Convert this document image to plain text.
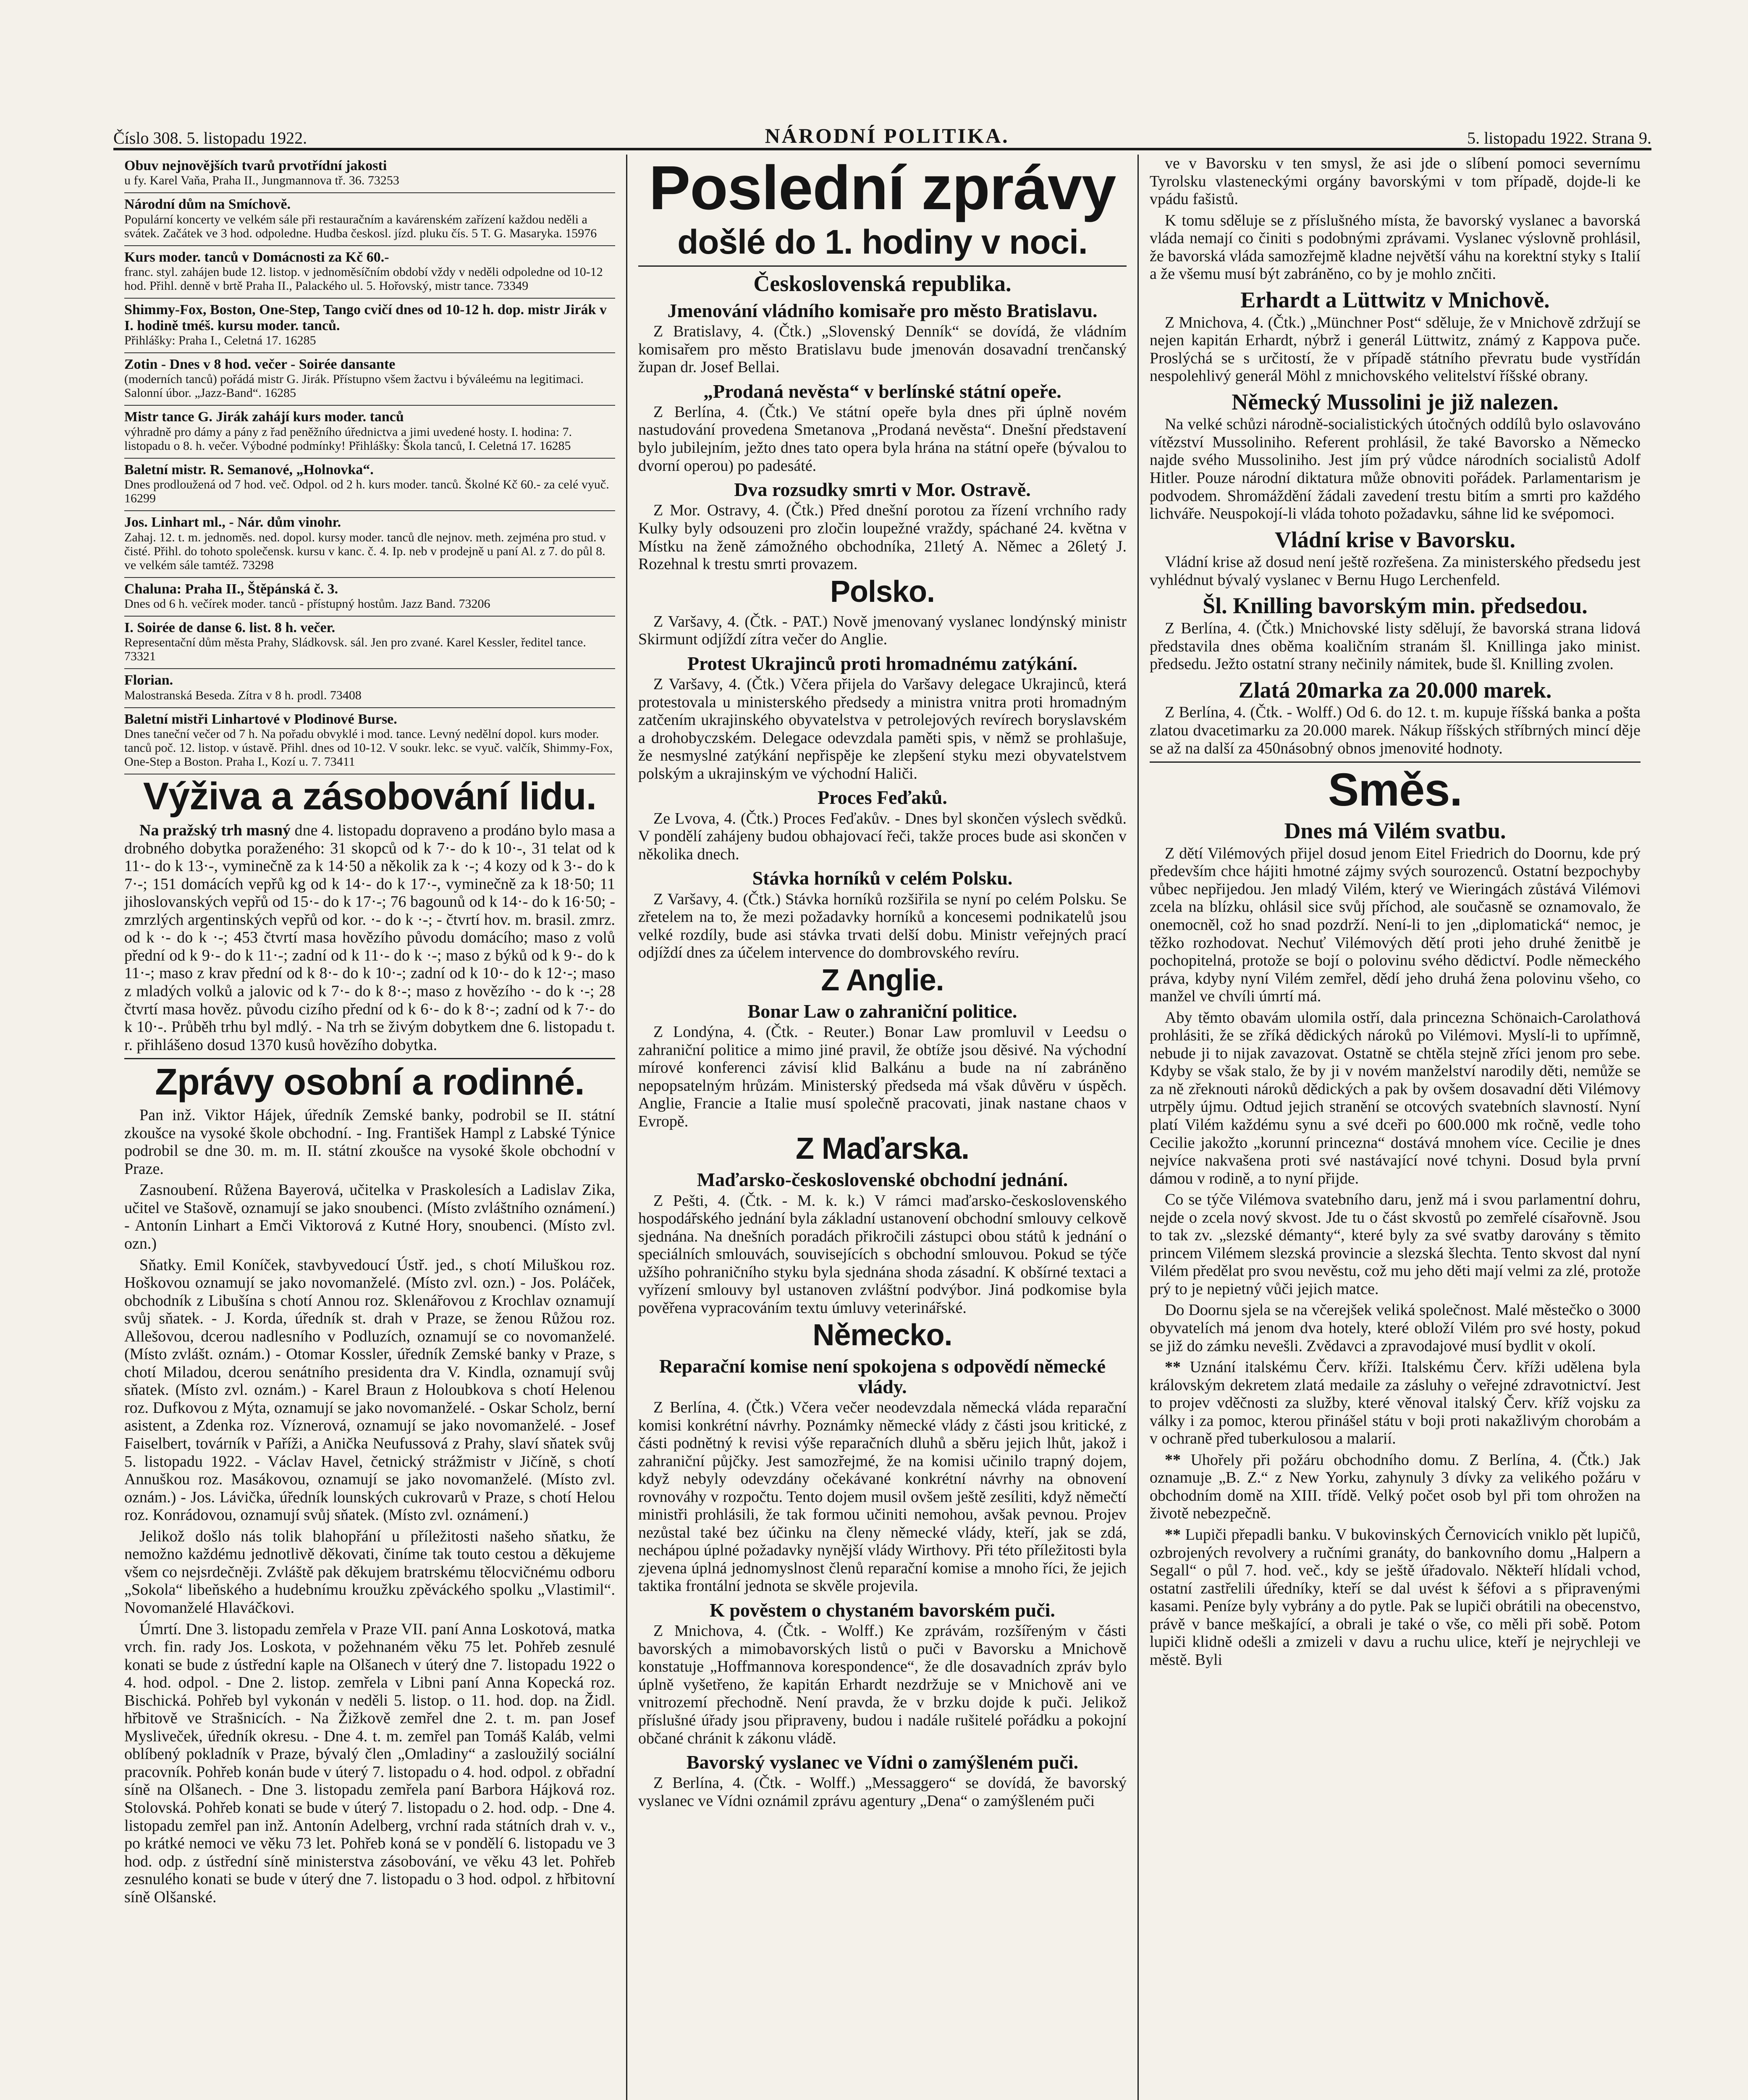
Číslo 308. 5. listopadu 1922.	NÁRODNÍ POLITIKA.	5. listopadu 1922. Strana 9.
Obuv nejnovějších tvarů prvotřídní jakosti
u fy. Karel Vaňa, Praha II., Jungmannova tř. 36. 73253
Národní dům na Smíchově.
Populární koncerty ve velkém sále při restauračním a kavárenském zařízení každou neděli a svátek. Začátek ve 3 hod. odpoledne. Hudba českosl. jízd. pluku čís. 5 T. G. Masaryka. 15976
Kurs moder. tanců v Domácnosti za Kč 60.-
franc. styl. zahájen bude 12. listop. v jednoměsíčním období vždy v neděli odpoledne od 10-12 hod. Přihl. denně v brtě Praha II., Palackého ul. 5. Hořovský, mistr tance. 73349
Shimmy-Fox, Boston, One-Step, Tango cvičí dnes od 10-12 h. dop. mistr Jirák v I. hodině tméš. kursu moder. tanců.
Přihlášky: Praha I., Celetná 17. 16285
Zotin - Dnes v 8 hod. večer - Soirée dansante
(moderních tanců) pořádá mistr G. Jirák. Přístupno všem žactvu i býváleému na legitimaci. Salonní úbor. „Jazz-Band“. 16285
Mistr tance G. Jirák zahájí kurs moder. tanců
výhradně pro dámy a pány z řad peněžního úřednictva a jimi uvedené hosty. I. hodina: 7. listopadu o 8. h. večer. Výbodné podmínky! Přihlášky: Škola tanců, I. Celetná 17. 16285
Baletní mistr. R. Semanové, „Holnovka“.
Dnes prodloužená od 7 hod. več. Odpol. od 2 h. kurs moder. tanců. Školné Kč 60.- za celé vyuč. 16299
Jos. Linhart ml., - Nár. dům vinohr.
Zahaj. 12. t. m. jednoměs. ned. dopol. kursy moder. tanců dle nejnov. meth. zejména pro stud. v čisté. Přihl. do tohoto společensk. kursu v kanc. č. 4. Ip. neb v prodejně u paní Al. z 7. do půl 8. ve velkém sále tamtéž. 73298
Chaluna: Praha II., Štěpánská č. 3.
Dnes od 6 h. večírek moder. tanců - přístupný hostům. Jazz Band. 73206
I. Soirée de danse 6. list. 8 h. večer.
Representační dům města Prahy, Sládkovsk. sál. Jen pro zvané. Karel Kessler, ředitel tance. 73321
Florian.
Malostranská Beseda. Zítra v 8 h. prodl. 73408
Baletní mistři Linhartové v Plodinové Burse.
Dnes taneční večer od 7 h. Na pořadu obvyklé i mod. tance. Levný nedělní dopol. kurs moder. tanců poč. 12. listop. v ústavě. Přihl. dnes od 10-12. V soukr. lekc. se vyuč. valčík, Shimmy-Fox, One-Step a Boston. Praha I., Kozí u. 7. 73411
Výživa a zásobování lidu.

Na pražský trh masný dne 4. listopadu dopraveno a prodáno bylo masa a drobného dobytka poraženého: 31 skopců od k 7·- do k 10·-, 31 telat od k 11·- do k 13·-, vyminečně za k 14·50 a několik za k ·-; 4 kozy od k 3·- do k 7·-; 151 domácích vepřů kg od k 14·- do k 17·-, vyminečně za k 18·50; 11 jihoslovanských vepřů od 15·- do k 17·-; 76 bagounů od k 14·- do k 16·50; - zmrzlých argentinských vepřů od kor. ·- do k ·-; - čtvrtí hov. m. brasil. zmrz. od k ·- do k ·-; 453 čtvrtí masa hovězího původu domácího; maso z volů přední od k 9·- do k 11·-; zadní od k 11·- do k ·-; maso z býků od k 9·- do k 11·-; maso z krav přední od k 8·- do k 10·-; zadní od k 10·- do k 12·-; maso z mladých volků a jalovic od k 7·- do k 8·-; maso z hovězího ·- do k ·-; 28 čtvrtí masa hověz. původu cizího přední od k 6·- do k 8·-; zadní od k 7·- do k 10·-. Průběh trhu byl mdlý. - Na trh se živým dobytkem dne 6. listopadu t. r. přihlášeno dosud 1370 kusů hovězího dobytka.

Zprávy osobní a rodinné.

Pan inž. Viktor Hájek, úředník Zemské banky, podrobil se II. státní zkoušce na vysoké škole obchodní. - Ing. František Hampl z Labské Týnice podrobil se dne 30. m. m. II. státní zkoušce na vysoké škole obchodní v Praze.

Zasnoubení. Růžena Bayerová, učitelka v Praskolesích a Ladislav Zika, učitel ve Stašově, oznamují se jako snoubenci. (Místo zvláštního oznámení.) - Antonín Linhart a Emči Viktorová z Kutné Hory, snoubenci. (Místo zvl. ozn.)

Sňatky. Emil Koníček, stavbyvedoucí Ústř. jed., s chotí Miluškou roz. Hoškovou oznamují se jako novomanželé. (Místo zvl. ozn.) - Jos. Poláček, obchodník z Libušína s chotí Annou roz. Sklenářovou z Krochlav oznamují svůj sňatek. - J. Korda, úředník st. drah v Praze, se ženou Růžou roz. Allešovou, dcerou nadlesního v Podluzích, oznamují se co novomanželé. (Místo zvlášt. oznám.) - Otomar Kossler, úředník Zemské banky v Praze, s chotí Miladou, dcerou senátního presidenta dra V. Kindla, oznamují svůj sňatek. (Místo zvl. oznám.) - Karel Braun z Holoubkova s chotí Helenou roz. Dufkovou z Mýta, oznamují se jako novomanželé. - Oskar Scholz, berní asistent, a Zdenka roz. Víznerová, oznamují se jako novomanželé. - Josef Faiselbert, továrník v Paříži, a Anička Neufussová z Prahy, slaví sňatek svůj 5. listopadu 1922. - Václav Havel, četnický strážmistr v Jičíně, s chotí Annuškou roz. Masákovou, oznamují se jako novomanželé. (Místo zvl. oznám.) - Jos. Lávička, úředník lounských cukrovarů v Praze, s chotí Helou roz. Konrádovou, oznamují svůj sňatek. (Místo zvl. oznámení.)

Jelikož došlo nás tolik blahopřání u příležitosti našeho sňatku, že nemožno každému jednotlivě děkovati, činíme tak touto cestou a děkujeme všem co nejsrdečněji. Zvláště pak děkujem bratrskému tělocvičnému odboru „Sokola“ libeňského a hudebnímu kroužku zpěváckého spolku „Vlastimil“. Novomanželé Hlaváčkovi.

Úmrtí. Dne 3. listopadu zemřela v Praze VII. paní Anna Loskotová, matka vrch. fin. rady Jos. Loskota, v požehnaném věku 75 let. Pohřeb zesnulé konati se bude z ústřední kaple na Olšanech v úterý dne 7. listopadu 1922 o 4. hod. odpol. - Dne 2. listop. zemřela v Libni paní Anna Kopecká roz. Bischická. Pohřeb byl vykonán v neděli 5. listop. o 11. hod. dop. na Židl. hřbitově ve Strašnicích. - Na Žižkově zemřel dne 2. t. m. pan Josef Mysliveček, úředník okresu. - Dne 4. t. m. zemřel pan Tomáš Kaláb, velmi oblíbený pokladník v Praze, bývalý člen „Omladiny“ a zasloužilý sociální pracovník. Pohřeb konán bude v úterý 7. listopadu o 4. hod. odpol. z obřadní síně na Olšanech. - Dne 3. listopadu zemřela paní Barbora Hájková roz. Stolovská. Pohřeb konati se bude v úterý 7. listopadu o 2. hod. odp. - Dne 4. listopadu zemřel pan inž. Antonín Adelberg, vrchní rada státních drah v. v., po krátké nemoci ve věku 73 let. Pohřeb koná se v pondělí 6. listopadu ve 3 hod. odp. z ústřední síně ministerstva zásobování, ve věku 43 let. Pohřeb zesnulého konati se bude v úterý dne 7. listopadu o 3 hod. odpol. z hřbitovní síně Olšanské.

Poslední zprávy
došlé do 1. hodiny v noci.
Československá republika.
Jmenování vládního komisaře pro město Bratislavu.

Z Bratislavy, 4. (Čtk.) „Slovenský Denník“ se dovídá, že vládním komisařem pro město Bratislavu bude jmenován dosavadní trenčanský župan dr. Josef Bellai.

„Prodaná nevěsta“ v berlínské státní opeře.

Z Berlína, 4. (Čtk.) Ve státní opeře byla dnes při úplně novém nastudování provedena Smetanova „Prodaná nevěsta“. Dnešní představení bylo jubilejním, ježto dnes tato opera byla hrána na státní opeře (bývalou to dvorní operou) po padesáté.

Dva rozsudky smrti v Mor. Ostravě.

Z Mor. Ostravy, 4. (Čtk.) Před dnešní porotou za řízení vrchního rady Kulky byly odsouzeni pro zločin loupežné vraždy, spáchané 24. května v Místku na ženě zámožného obchodníka, 21letý A. Němec a 26letý J. Rozehnal k trestu smrti provazem.

Polsko.

Z Varšavy, 4. (Čtk. - PAT.) Nově jmenovaný vyslanec londýnský ministr Skirmunt odjíždí zítra večer do Anglie.

Protest Ukrajinců proti hromadnému zatýkání.

Z Varšavy, 4. (Čtk.) Včera přijela do Varšavy delegace Ukrajinců, která protestovala u ministerského předsedy a ministra vnitra proti hromadným zatčením ukrajinského obyvatelstva v petrolejových revírech boryslavském a drohobyczském. Delegace odevzdala paměti spis, v němž se prohlašuje, že nesmyslné zatýkání nepřispěje ke zlepšení styku mezi obyvatelstvem polským a ukrajinským ve východní Haliči.

Proces Feďaků.

Ze Lvova, 4. (Čtk.) Proces Feďakův. - Dnes byl skončen výslech svědků. V pondělí zahájeny budou obhajovací řeči, takže proces bude asi skončen v několika dnech.

Stávka horníků v celém Polsku.

Z Varšavy, 4. (Čtk.) Stávka horníků rozšiřila se nyní po celém Polsku. Se zřetelem na to, že mezi požadavky horníků a koncesemi podnikatelů jsou velké rozdíly, bude asi stávka trvati delší dobu. Ministr veřejných prací odjíždí dnes za účelem intervence do dombrovského revíru.

Z Anglie.
Bonar Law o zahraniční politice.

Z Londýna, 4. (Čtk. - Reuter.) Bonar Law promluvil v Leedsu o zahraniční politice a mimo jiné pravil, že obtíže jsou děsivé. Na východní mírové konferenci závisí klid Balkánu a bude na ní zabráněno nepopsatelným hrůzám. Ministerský předseda má však důvěru v úspěch. Anglie, Francie a Italie musí společně pracovati, jinak nastane chaos v Evropě.

Z Maďarska.
Maďarsko-československé obchodní jednání.

Z Pešti, 4. (Čtk. - M. k. k.) V rámci maďarsko-československého hospodářského jednání byla základní ustanovení obchodní smlouvy celkově sjednána. Na dnešních poradách přikročili zástupci obou států k jednání o speciálních smlouvách, souvisejících s obchodní smlouvou. Pokud se týče užšího pohraničního styku byla sjednána shoda zásadní. K obšírné textaci a vyřízení smlouvy byl ustanoven zvláštní podvýbor. Jiná podkomise byla pověřena vypracováním textu úmluvy veterinářské.

Německo.
Reparační komise není spokojena s odpovědí německé vlády.

Z Berlína, 4. (Čtk.) Včera večer neodevzdala německá vláda reparační komisi konkrétní návrhy. Poznámky německé vlády z části jsou kritické, z části podnětný k revisi výše reparačních dluhů a sběru jejich lhůt, jakož i zahraniční půjčky. Jest samozřejmé, že na komisi učinilo trapný dojem, když nebyly odevzdány očekávané konkrétní návrhy na obnovení rovnováhy v rozpočtu. Tento dojem musil ovšem ještě zesíliti, když němečtí ministři prohlásili, že tak formou učiniti nemohou, avšak pevnou. Projev nezůstal také bez účinku na členy německé vlády, kteří, jak se zdá, nechápou úplné požadavky nynější vlády Wirthovy. Při této příležitosti byla zjevena úplná jednomyslnost členů reparační komise a mnoho říci, že jejich taktika frontální jednota se skvěle projevila.

K pověstem o chystaném bavorském puči.

Z Mnichova, 4. (Čtk. - Wolff.) Ke zprávám, rozšířeným v části bavorských a mimobavorských listů o puči v Bavorsku a Mnichově konstatuje „Hoffmannova korespondence“, že dle dosavadních zpráv bylo úplně vyšetřeno, že kapitán Erhardt nezdržuje se v Mnichově ani ve vnitrozemí přechodně. Není pravda, že v brzku dojde k puči. Jelikož příslušné úřady jsou připraveny, budou i nadále rušitelé pořádku a pokojní občané chránit k zákonu vládě.

Bavorský vyslanec ve Vídni o zamýšleném puči.

Z Berlína, 4. (Čtk. - Wolff.) „Messaggero“ se dovídá, že bavorský vyslanec ve Vídni oznámil zprávu agentury „Dena“ o zamýšleném puči

ve v Bavorsku v ten smysl, že asi jde o slíbení pomoci severnímu Tyrolsku vlasteneckými orgány bavorskými v tom případě, dojde-li ke vpádu fašistů.

K tomu sděluje se z příslušného místa, že bavorský vyslanec a bavorská vláda nemají co činiti s podobnými zprávami. Vyslanec výslovně prohlásil, že bavorská vláda samozřejmě kladne největší váhu na korektní styky s Italií a že všemu musí být zabráněno, co by je mohlo znčiti.

Erhardt a Lüttwitz v Mnichově.

Z Mnichova, 4. (Čtk.) „Münchner Post“ sděluje, že v Mnichově zdržují se nejen kapitán Erhardt, nýbrž i generál Lüttwitz, známý z Kappova puče. Proslýchá se s určitostí, že v případě státního převratu bude vystřídán nespolehlivý generál Möhl z mnichovského velitelství říšské obrany.

Německý Mussolini je již nalezen.

Na velké schůzi národně-socialistických útočných oddílů bylo oslavováno vítězství Mussoliniho. Referent prohlásil, že také Bavorsko a Německo najde svého Mussoliniho. Jest jím prý vůdce národních socialistů Adolf Hitler. Pouze národní diktatura může obnoviti pořádek. Parlamentarism je podvodem. Shromáždění žádali zavedení trestu bitím a smrti pro každého lichváře. Neuspokojí-li vláda tohoto požadavku, sáhne lid ke svépomoci.

Vládní krise v Bavorsku.

Vládní krise až dosud není ještě rozřešena. Za ministerského předsedu jest vyhlédnut bývalý vyslanec v Bernu Hugo Lerchenfeld.

Šl. Knilling bavorským min. předsedou.

Z Berlína, 4. (Čtk.) Mnichovské listy sdělují, že bavorská strana lidová představila dnes oběma koaličním stranám šl. Knillinga jako minist. předsedu. Ježto ostatní strany nečinily námitek, bude šl. Knilling zvolen.

Zlatá 20marka za 20.000 marek.

Z Berlína, 4. (Čtk. - Wolff.) Od 6. do 12. t. m. kupuje říšská banka a pošta zlatou dvacetimarku za 20.000 marek. Nákup říšských stříbrných mincí děje se až na další za 450násobný obnos jmenovité hodnoty.

Směs.
Dnes má Vilém svatbu.

Z dětí Vilémových přijel dosud jenom Eitel Friedrich do Doornu, kde prý především chce hájiti hmotné zájmy svých sourozenců. Ostatní bezpochyby vůbec nepřijedou. Jen mladý Vilém, který ve Wieringách zůstává Vilémovi zcela na blízku, ohlásil sice svůj příchod, ale současně se oznamovalo, že onemocněl, což ho snad pozdrží. Není-li to jen „diplomatická“ nemoc, je těžko rozhodovat. Nechuť Vilémových dětí proti jeho druhé ženitbě je pochopitelná, protože se bojí o polovinu svého dědictví. Podle německého práva, kdyby nyní Vilém zemřel, dědí jeho druhá žena polovinu všeho, co manžel ve chvíli úmrtí má.

Aby těmto obavám ulomila ostří, dala princezna Schönaich-Carolathová prohlásiti, že se zříká dědických nároků po Vilémovi. Myslí-li to upřímně, nebude ji to nijak zavazovat. Ostatně se chtěla stejně zříci jenom pro sebe. Kdyby se však stalo, že by ji v novém manželství narodily děti, nemůže se za ně zřeknouti nároků dědických a pak by ovšem dosavadní děti Vilémovy utrpěly újmu. Odtud jejich stranění se otcových svatebních slavností. Nyní platí Vilém každému synu a své dceři po 600.000 mk ročně, vedle toho Cecilie jakožto „korunní princezna“ dostává mnohem více. Cecilie je dnes nejvíce nakvašena proti své nastávající nové tchyni. Dosud byla první dámou v rodině, a to nyní přijde.

Co se týče Vilémova svatebního daru, jenž má i svou parlamentní dohru, nejde o zcela nový skvost. Jde tu o část skvostů po zemřelé císařovně. Jsou to tak zv. „slezské démanty“, které byly za své svatby darovány s těmito princem Vilémem slezská provincie a slezská šlechta. Tento skvost dal nyní Vilém předělat pro svou nevěstu, což mu jeho děti mají velmi za zlé, protože prý to je nepietný vůči jejich matce.

Do Doornu sjela se na včerejšek veliká společnost. Malé městečko o 3000 obyvatelích má jenom dva hotely, které obloží Vilém pro své hosty, pokud se již do zámku nevešli. Zvědavci a zpravodajové musí bydlit v okolí.

** Uznání italskému Červ. kříži. Italskému Červ. kříži udělena byla královským dekretem zlatá medaile za zásluhy o veřejné zdravotnictví. Jest to projev vděčnosti za služby, které věnoval italský Červ. kříž vojsku za války i za pomoc, kterou přinášel státu v boji proti nakažlivým chorobám a v ochraně před tuberkulosou a malarií.

** Uhořely při požáru obchodního domu. Z Berlína, 4. (Čtk.) Jak oznamuje „B. Z.“ z New Yorku, zahynuly 3 dívky za velikého požáru v obchodním domě na XIII. třídě. Velký počet osob byl při tom ohrožen na životě nebezpečně.

** Lupiči přepadli banku. V bukovinských Černovicích vniklo pět lupičů, ozbrojených revolvery a ručními granáty, do bankovního domu „Halpern a Segall“ o půl 7. hod. več., kdy se ještě úřadovalo. Někteří hlídali vchod, ostatní zastřelili úředníky, kteří se dal uvést k šéfovi a s připravenými kasami. Peníze byly vybrány a do pytle. Pak se lupiči obrátili na obecenstvo, právě v bance meškající, a obrali je také o vše, co měli při sobě. Potom lupiči klidně odešli a zmizeli v davu a ruchu ulice, kteří je nejrychleji ve městě. Byli
